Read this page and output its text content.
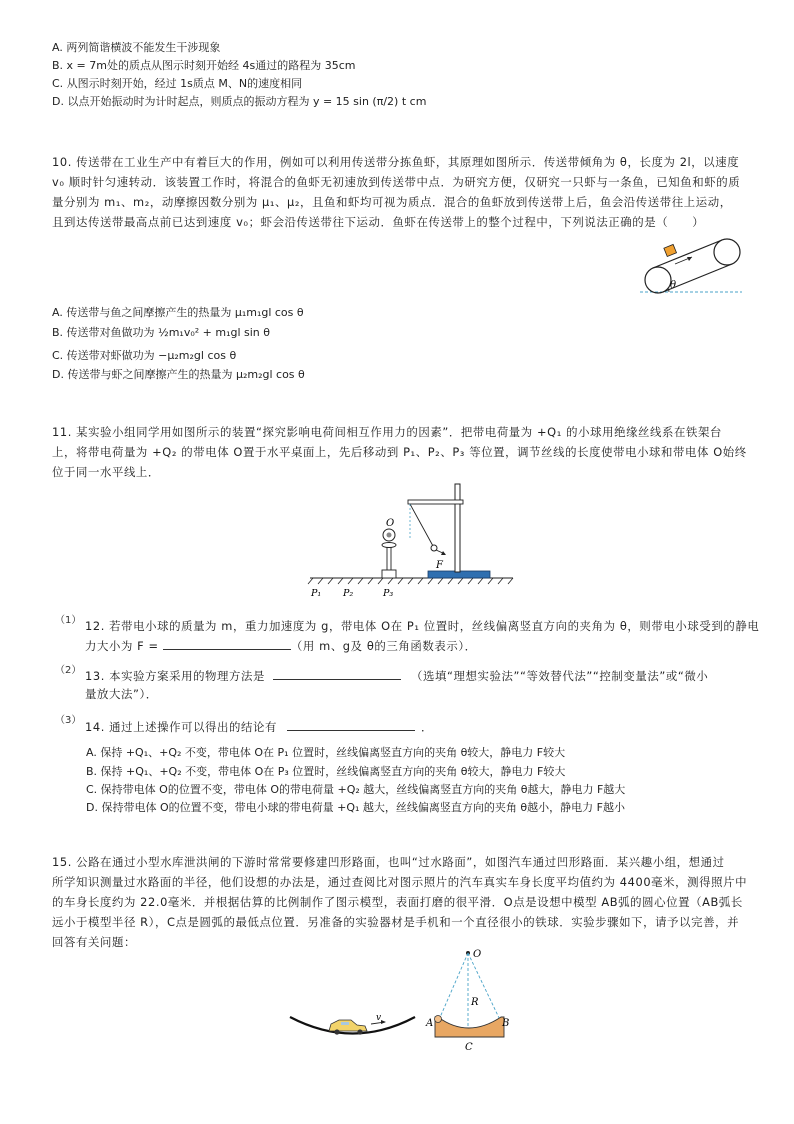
A. 两列简谐横波不能发生干涉现象
B. x = 7m处的质点从图示时刻开始经 4s通过的路程为 35cm
C. 从图示时刻开始，经过 1s质点 M、N的速度相同
D. 以点开始振动时为计时起点，则质点的振动方程为 y = 15 sin (π/2) t cm
10. 传送带在工业生产中有着巨大的作用，例如可以利用传送带分拣鱼虾，其原理如图所示．传送带倾角为 θ，长度为 2l，以速度
v₀ 顺时针匀速转动．该装置工作时，将混合的鱼虾无初速放到传送带中点．为研究方便，仅研究一只虾与一条鱼，已知鱼和虾的质
量分别为 m₁、m₂，动摩擦因数分别为 μ₁、μ₂，且鱼和虾均可视为质点．混合的鱼虾放到传送带上后，鱼会沿传送带往上运动，
且到达传送带最高点前已达到速度 v₀；虾会沿传送带往下运动．鱼虾在传送带上的整个过程中，下列说法正确的是（　　）
θ
A. 传送带与鱼之间摩擦产生的热量为 μ₁m₁gl cos θ
B. 传送带对鱼做功为 ½m₁v₀² + m₁gl sin θ
C. 传送带对虾做功为 −μ₂m₂gl cos θ
D. 传送带与虾之间摩擦产生的热量为 μ₂m₂gl cos θ
11. 某实验小组同学用如图所示的装置“探究影响电荷间相互作用力的因素”．把带电荷量为 +Q₁ 的小球用绝缘丝线系在铁架台
上，将带电荷量为 +Q₂ 的带电体 O置于水平桌面上，先后移动到 P₁、P₂、P₃ 等位置，调节丝线的长度使带电小球和带电体 O始终
位于同一水平线上．
F
O
P₁ P₂	P₃
（1） 12. 若带电小球的质量为 m，重力加速度为 g，带电体 O在 P₁ 位置时，丝线偏离竖直方向的夹角为 θ，则带电小球受到的静电
力大小为 F =	（用 m、g及 θ的三角函数表示）．
（2） 13. 本实验方案采用的物理方法是	（选填“理想实验法”“等效替代法”“控制变量法”或“微小
量放大法”）．
（3） 14. 通过上述操作可以得出的结论有	．
A. 保持 +Q₁、+Q₂ 不变，带电体 O在 P₁ 位置时，丝线偏离竖直方向的夹角 θ较大，静电力 F较大
B. 保持 +Q₁、+Q₂ 不变，带电体 O在 P₃ 位置时，丝线偏离竖直方向的夹角 θ较大，静电力 F较大
C. 保持带电体 O的位置不变，带电体 O的带电荷量 +Q₂ 越大，丝线偏离竖直方向的夹角 θ越大，静电力 F越大
D. 保持带电体 O的位置不变，带电小球的带电荷量 +Q₁ 越大，丝线偏离竖直方向的夹角 θ越小，静电力 F越小
15. 公路在通过小型水库泄洪闸的下游时常常要修建凹形路面，也叫“过水路面”，如图汽车通过凹形路面．某兴趣小组，想通过
所学知识测量过水路面的半径，他们设想的办法是，通过查阅比对图示照片的汽车真实车身长度平均值约为 4400毫米，测得照片中
的车身长度约为 22.0毫米．并根据估算的比例制作了图示模型，表面打磨的很平滑．O点是设想中模型 AB弧的圆心位置（AB弧长
远小于模型半径 R），C点是圆弧的最低点位置．另准备的实验器材是手机和一个直径很小的铁球．实验步骤如下，请予以完善，并
回答有关问题：
v
O
R
A	B
C
